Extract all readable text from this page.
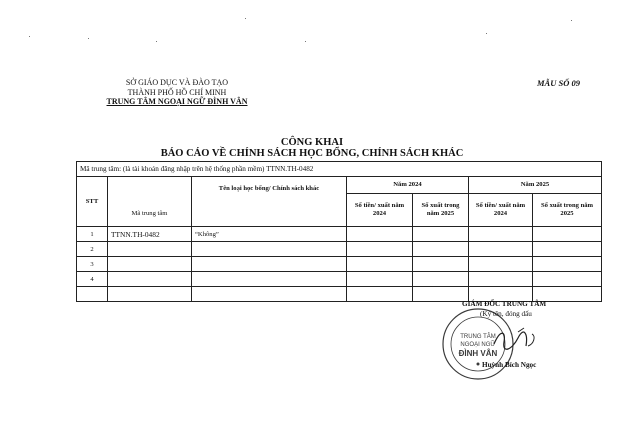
SỞ GIÁO DỤC VÀ ĐÀO TẠO
THÀNH PHỐ HỒ CHÍ MINH
TRUNG TÂM NGOẠI NGỮ ĐÌNH VÂN
MẪU SỐ 09
CÔNG KHAI
BÁO CÁO VỀ CHÍNH SÁCH HỌC BỔNG, CHÍNH SÁCH KHÁC
Mã trung tâm: (là tài khoản đăng nhập trên hệ thống phần mềm) TTNN.TH-0482						
STT	Mã trung tâm	Tên loại học bổng/ Chính sách khác	Năm 2024		Năm 2025	
			Số tiền/ xuất năm 2024	Số xuất trong năm 2025	Số tiền/ xuất năm 2024	Số xuất trong năm 2025
1	TTNN.TH-0482	“Không”				
2						
3						
4						

TRUNG TÂM
NGOẠI NGỮ
ĐÌNH VÂN
GIÁM ĐỐC TRUNG TÂM
(Ký tên, đóng dấu
Huỳnh Bích Ngọc
